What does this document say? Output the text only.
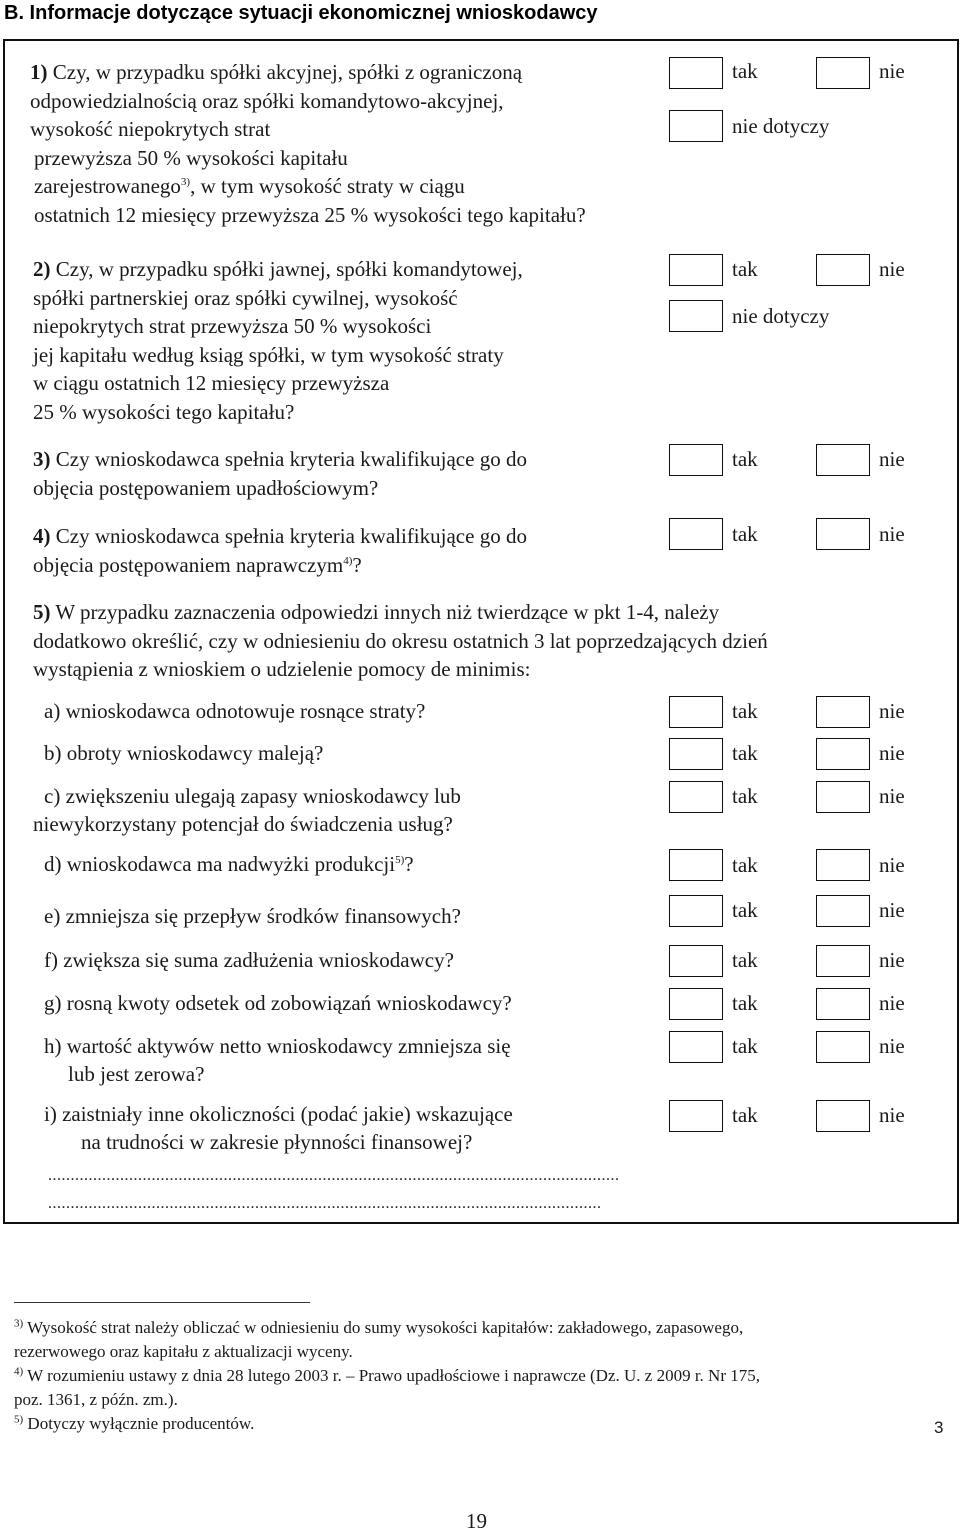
B. Informacje dotyczące sytuacji ekonomicznej wnioskodawcy
1) Czy, w przypadku spółki akcyjnej, spółki z ograniczoną
odpowiedzialnością oraz spółki komandytowo-akcyjnej,
wysokość niepokrytych strat
przewyższa 50 % wysokości kapitału
zarejestrowanego$^{3)}$, w tym wysokość straty w ciągu
ostatnich 12 miesięcy przewyższa 25 % wysokości tego kapitału?
tak	nie
nie dotyczy
2) Czy, w przypadku spółki jawnej, spółki komandytowej,
spółki partnerskiej oraz spółki cywilnej, wysokość
niepokrytych strat przewyższa 50 % wysokości
jej kapitału według ksiąg spółki, w tym wysokość straty
w ciągu ostatnich 12 miesięcy przewyższa
25 % wysokości tego kapitału?
tak	nie
nie dotyczy
3) Czy wnioskodawca spełnia kryteria kwalifikujące go do
objęcia postępowaniem upadłościowym?
tak	nie
4) Czy wnioskodawca spełnia kryteria kwalifikujące go do
objęcia postępowaniem naprawczym$^{4)}$?
tak	nie
5) W przypadku zaznaczenia odpowiedzi innych niż twierdzące w pkt 1-4, należy
dodatkowo określić, czy w odniesieniu do okresu ostatnich 3 lat poprzedzających dzień
wystąpienia z wnioskiem o udzielenie pomocy de minimis:
a) wnioskodawca odnotowuje rosnące straty?	tak	nie
b) obroty wnioskodawcy maleją?	tak	nie
c) zwiększeniu ulegają zapasy wnioskodawcy lub
niewykorzystany potencjał do świadczenia usług?
tak	nie
d) wnioskodawca ma nadwyżki produkcji$^{5)}$?	tak	nie
e) zmniejsza się przepływ środków finansowych?	tak	nie
f) zwiększa się suma zadłużenia wnioskodawcy?	tak	nie
g) rosną kwoty odsetek od zobowiązań wnioskodawcy?	tak	nie
h) wartość aktywów netto wnioskodawcy zmniejsza się
lub jest zerowa?
tak	nie
i) zaistniały inne okoliczności (podać jakie) wskazujące
na trudności w zakresie płynności finansowej?
tak	nie
...............................................................................................................................
...........................................................................................................................
$^{3)}$ Wysokość strat należy obliczać w odniesieniu do sumy wysokości kapitałów: zakładowego, zapasowego,
rezerwowego oraz kapitału z aktualizacji wyceny.
$^{4)}$ W rozumieniu ustawy z dnia 28 lutego 2003 r. – Prawo upadłościowe i naprawcze (Dz. U. z 2009 r. Nr 175,
poz. 1361, z późn. zm.).
$^{5)}$ Dotyczy wyłącznie producentów.	3
19
